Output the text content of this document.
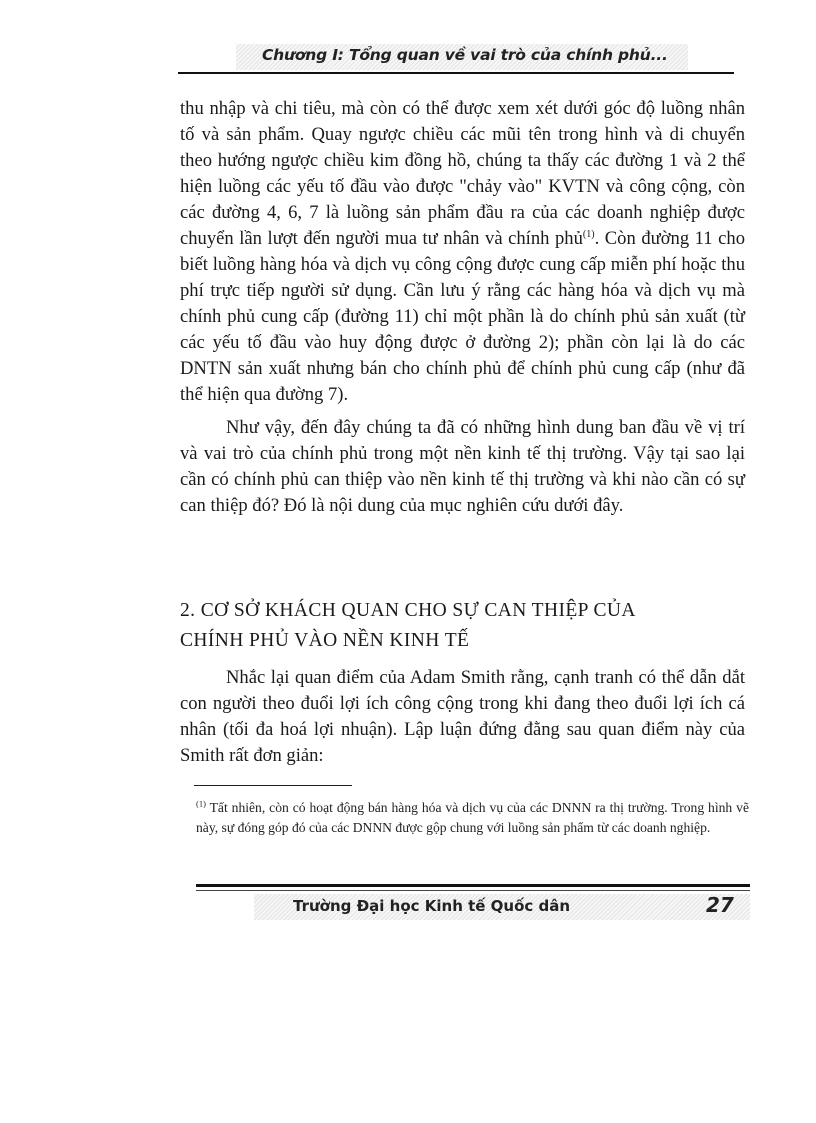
Chương I: Tổng quan về vai trò của chính phủ...

thu nhập và chi tiêu, mà còn có thể được xem xét dưới góc độ luồng nhân tố và sản phẩm. Quay ngược chiều các mũi tên trong hình và di chuyển theo hướng ngược chiều kim đồng hồ, chúng ta thấy các đường 1 và 2 thể hiện luồng các yếu tố đầu vào được "chảy vào" KVTN và công cộng, còn các đường 4, 6, 7 là luồng sản phẩm đầu ra của các doanh nghiệp được chuyển lần lượt đến người mua tư nhân và chính phủ$^{(1)}$. Còn đường 11 cho biết luồng hàng hóa và dịch vụ công cộng được cung cấp miễn phí hoặc thu phí trực tiếp người sử dụng. Cần lưu ý rằng các hàng hóa và dịch vụ mà chính phủ cung cấp (đường 11) chỉ một phần là do chính phủ sản xuất (từ các yếu tố đầu vào huy động được ở đường 2); phần còn lại là do các DNTN sản xuất nhưng bán cho chính phủ để chính phủ cung cấp (như đã thể hiện qua đường 7).

Như vậy, đến đây chúng ta đã có những hình dung ban đầu về vị trí và vai trò của chính phủ trong một nền kinh tế thị trường. Vậy tại sao lại cần có chính phủ can thiệp vào nền kinh tế thị trường và khi nào cần có sự can thiệp đó? Đó là nội dung của mục nghiên cứu dưới đây.

2. CƠ SỞ KHÁCH QUAN CHO SỰ CAN THIỆP CỦA
CHÍNH PHỦ VÀO NỀN KINH TẾ

Nhắc lại quan điểm của Adam Smith rằng, cạnh tranh có thể dẫn dắt con người theo đuổi lợi ích công cộng trong khi đang theo đuổi lợi ích cá nhân (tối đa hoá lợi nhuận). Lập luận đứng đằng sau quan điểm này của Smith rất đơn giản:

$^{(1)}$ Tất nhiên, còn có hoạt động bán hàng hóa và dịch vụ của các DNNN ra thị trường. Trong hình vẽ này, sự đóng góp đó của các DNNN được gộp chung với luồng sản phẩm từ các doanh nghiệp.
Trường Đại học Kinh tế Quốc dân	27
